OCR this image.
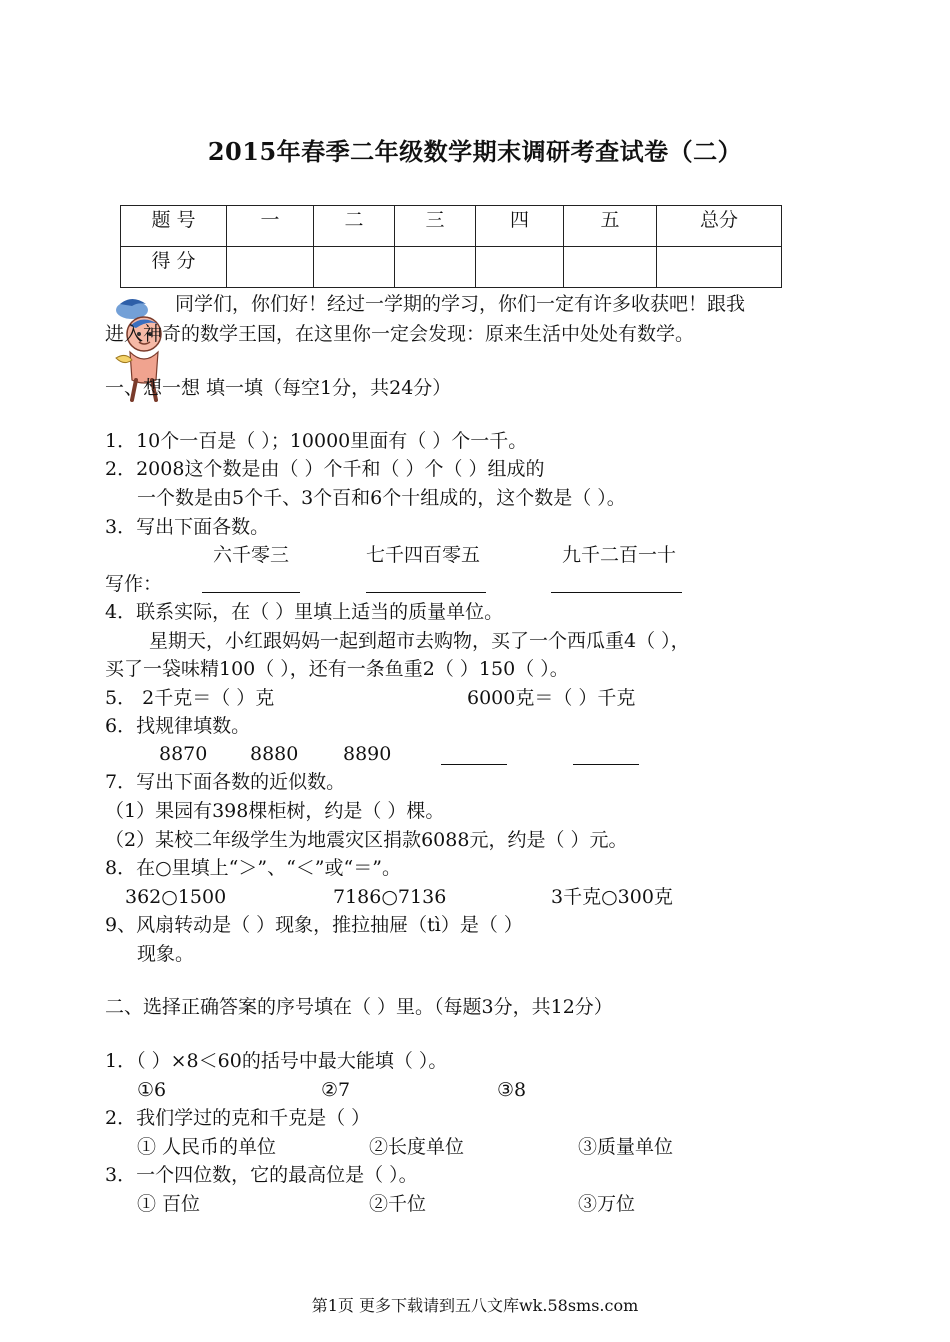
2015年春季二年级数学期末调研考查试卷（二）
题 号	一	二	三	四	五	总分
得 分						
同学们，你们好！经过一学期的学习，你们一定有许多收获吧！跟我
进入神奇的数学王国，在这里你一定会发现：原来生活中处处有数学。
一、想一想 填一填（每空1分，共24分）
1．10个一百是（ ）；10000里面有（ ）个一千。
2．2008这个数是由（ ）个千和（ ）个（ ）组成的
一个数是由5个千、3个百和6个十组成的，这个数是（ ）。
3．写出下面各数。
六千零三	七千四百零五	九千二百一十
写作：
4．联系实际，在（ ）里填上适当的质量单位。
星期天，小红跟妈妈一起到超市去购物，买了一个西瓜重4（ ），
买了一袋味精100（ ），还有一条鱼重2（ ）150（ ）。
5． 2千克＝（ ）克	6000克＝（ ）千克
6．找规律填数。
8870 8880 8890
7．写出下面各数的近似数。
（1）果园有398棵柜树，约是（ ）棵。
（2）某校二年级学生为地震灾区捐款6088元，约是（ ）元。
8．在○里填上“＞”、“＜”或“＝”。
362○1500	7186○7136	3千克○300克
9、风扇转动是（ ）现象，推拉抽屉（tì）是（ ）
现象。
二、选择正确答案的序号填在（ ）里。（每题3分，共12分）
1．（ ）×8＜60的括号中最大能填（ ）。
①6	②7	③8
2．我们学过的克和千克是（ ）
① 人民币的单位	②长度单位	③质量单位
3．一个四位数，它的最高位是（ ）。
① 百位	②千位	③万位
第1页 更多下载请到五八文库wk.58sms.com
